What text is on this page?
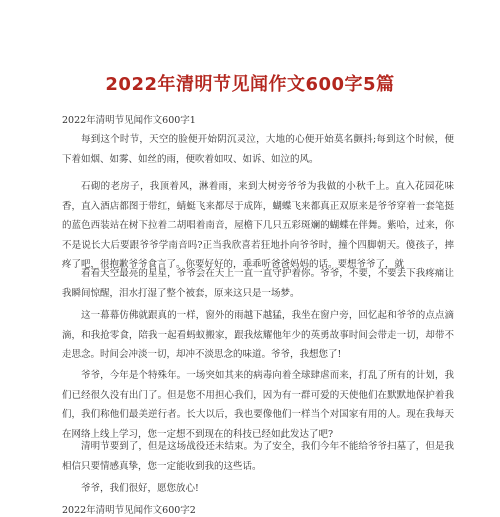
2022年清明节见闻作文600字5篇
2022年清明节见闻作文600字1
每到这个时节，天空的脸便开始阴沉灵泣，大地的心便开始莫名颤抖;每到这个时候，便下着如烟、如雾、如丝的雨，便吹着如叹、如诉、如泣的风。
石砌的老房子，我顶着风，淋着雨，来到大树旁爷爷为我做的小秋千上。直入花园花味香，直入酒店都图于带红，蜻蜓飞来都尽于成阵，蝴蝶飞来都真正双原来是爷爷穿着一套笔挺的蓝色西装站在树下拉着二胡唱着南音，屋檐下几只五彩斑斓的蝴蝶在伴舞。紫哈，过来，你不是说长大后要跟爷爷学南音吗?正当我欣喜若狂地扑向爷爷时，撞个四脚朝天。傻孩子，摔疼了吧，很抱歉爷爷食言了。你要好好的，乖乖听爸爸妈妈的话。要想爷爷了，就
看看天空最亮的星星，爷爷会在天上一直一直守护着你。爷爷，不要，不要丢下我疼痛让我瞬间惊醒，泪水打湿了整个被套，原来这只是一场梦。
这一幕幕仿佛就跟真的一样，窗外的雨越下越猛，我坐在窗户旁，回忆起和爷爷的点点滴滴，和我抢零食，陪我一起看蚂蚁搬家，跟我炫耀他年少的英勇故事时间会带走一切，却带不走思念。时间会冲淡一切，却冲不淡思念的味道。爷爷，我想您了!
爷爷，今年是个特殊年。一场突如其来的病毒向着全球肆虐而来，打乱了所有的计划，我们已经很久没有出门了。但是您不用担心我们，因为有一群可爱的天使他们在默默地保护着我们，我们称他们最美逆行者。长大以后，我也要像他们一样当个对国家有用的人。现在我每天在网络上线上学习，您一定想不到现在的科技已经如此发达了吧?
清明节要到了，但是这场战役还未结束。为了安全，我们今年不能给爷爷扫墓了，但是我相信只要情感真挚，您一定能收到我的这些话。
爷爷，我们很好，愿您放心!
2022年清明节见闻作文600字2
